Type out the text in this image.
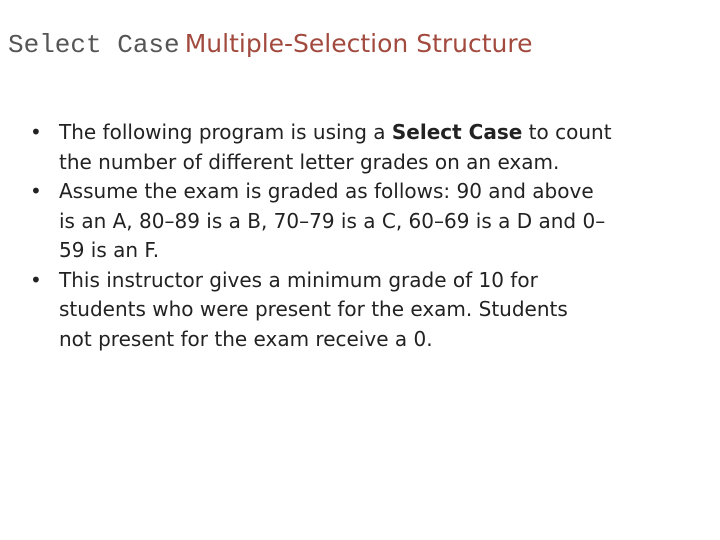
Select Case Multiple-Selection Structure
• The following program is using a Select Case to count
the number of different letter grades on an exam.
• Assume the exam is graded as follows: 90 and above
is an A, 80–89 is a B, 70–79 is a C, 60–69 is a D and 0–
59 is an F.
• This instructor gives a minimum grade of 10 for
students who were present for the exam. Students
not present for the exam receive a 0.
